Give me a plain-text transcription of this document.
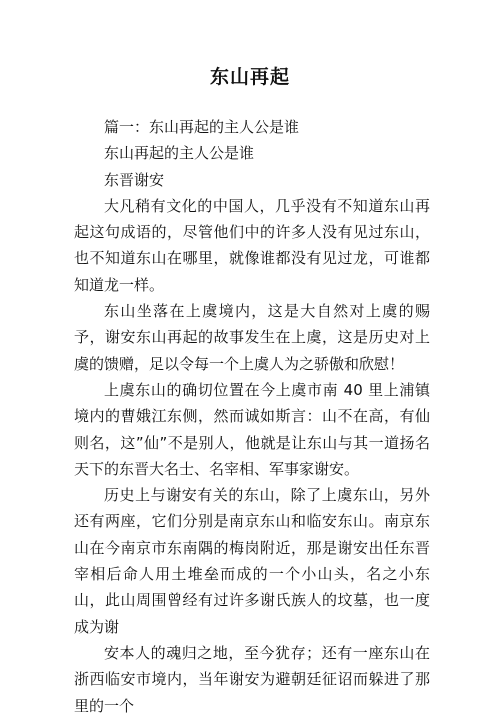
东山再起

篇一：东山再起的主人公是谁

东山再起的主人公是谁

东晋谢安

大凡稍有文化的中国人，几乎没有不知道东山再起这句成语的，尽管他们中的许多人没有见过东山，也不知道东山在哪里，就像谁都没有见过龙，可谁都知道龙一样。

东山坐落在上虞境内，这是大自然对上虞的赐予，谢安东山再起的故事发生在上虞，这是历史对上虞的馈赠，足以令每一个上虞人为之骄傲和欣慰！

上虞东山的确切位置在今上虞市南 40 里上浦镇境内的曹娥江东侧，然而诚如斯言：山不在高，有仙则名，这”仙”不是别人，他就是让东山与其一道扬名天下的东晋大名士、名宰相、军事家谢安。

历史上与谢安有关的东山，除了上虞东山，另外还有两座，它们分别是南京东山和临安东山。南京东山在今南京市东南隅的梅岗附近，那是谢安出任东晋宰相后命人用土堆垒而成的一个小山头，名之小东山，此山周围曾经有过许多谢氏族人的坟墓，也一度成为谢

安本人的魂归之地，至今犹存；还有一座东山在浙西临安市境内，当年谢安为避朝廷征诏而躲进了那里的一个
